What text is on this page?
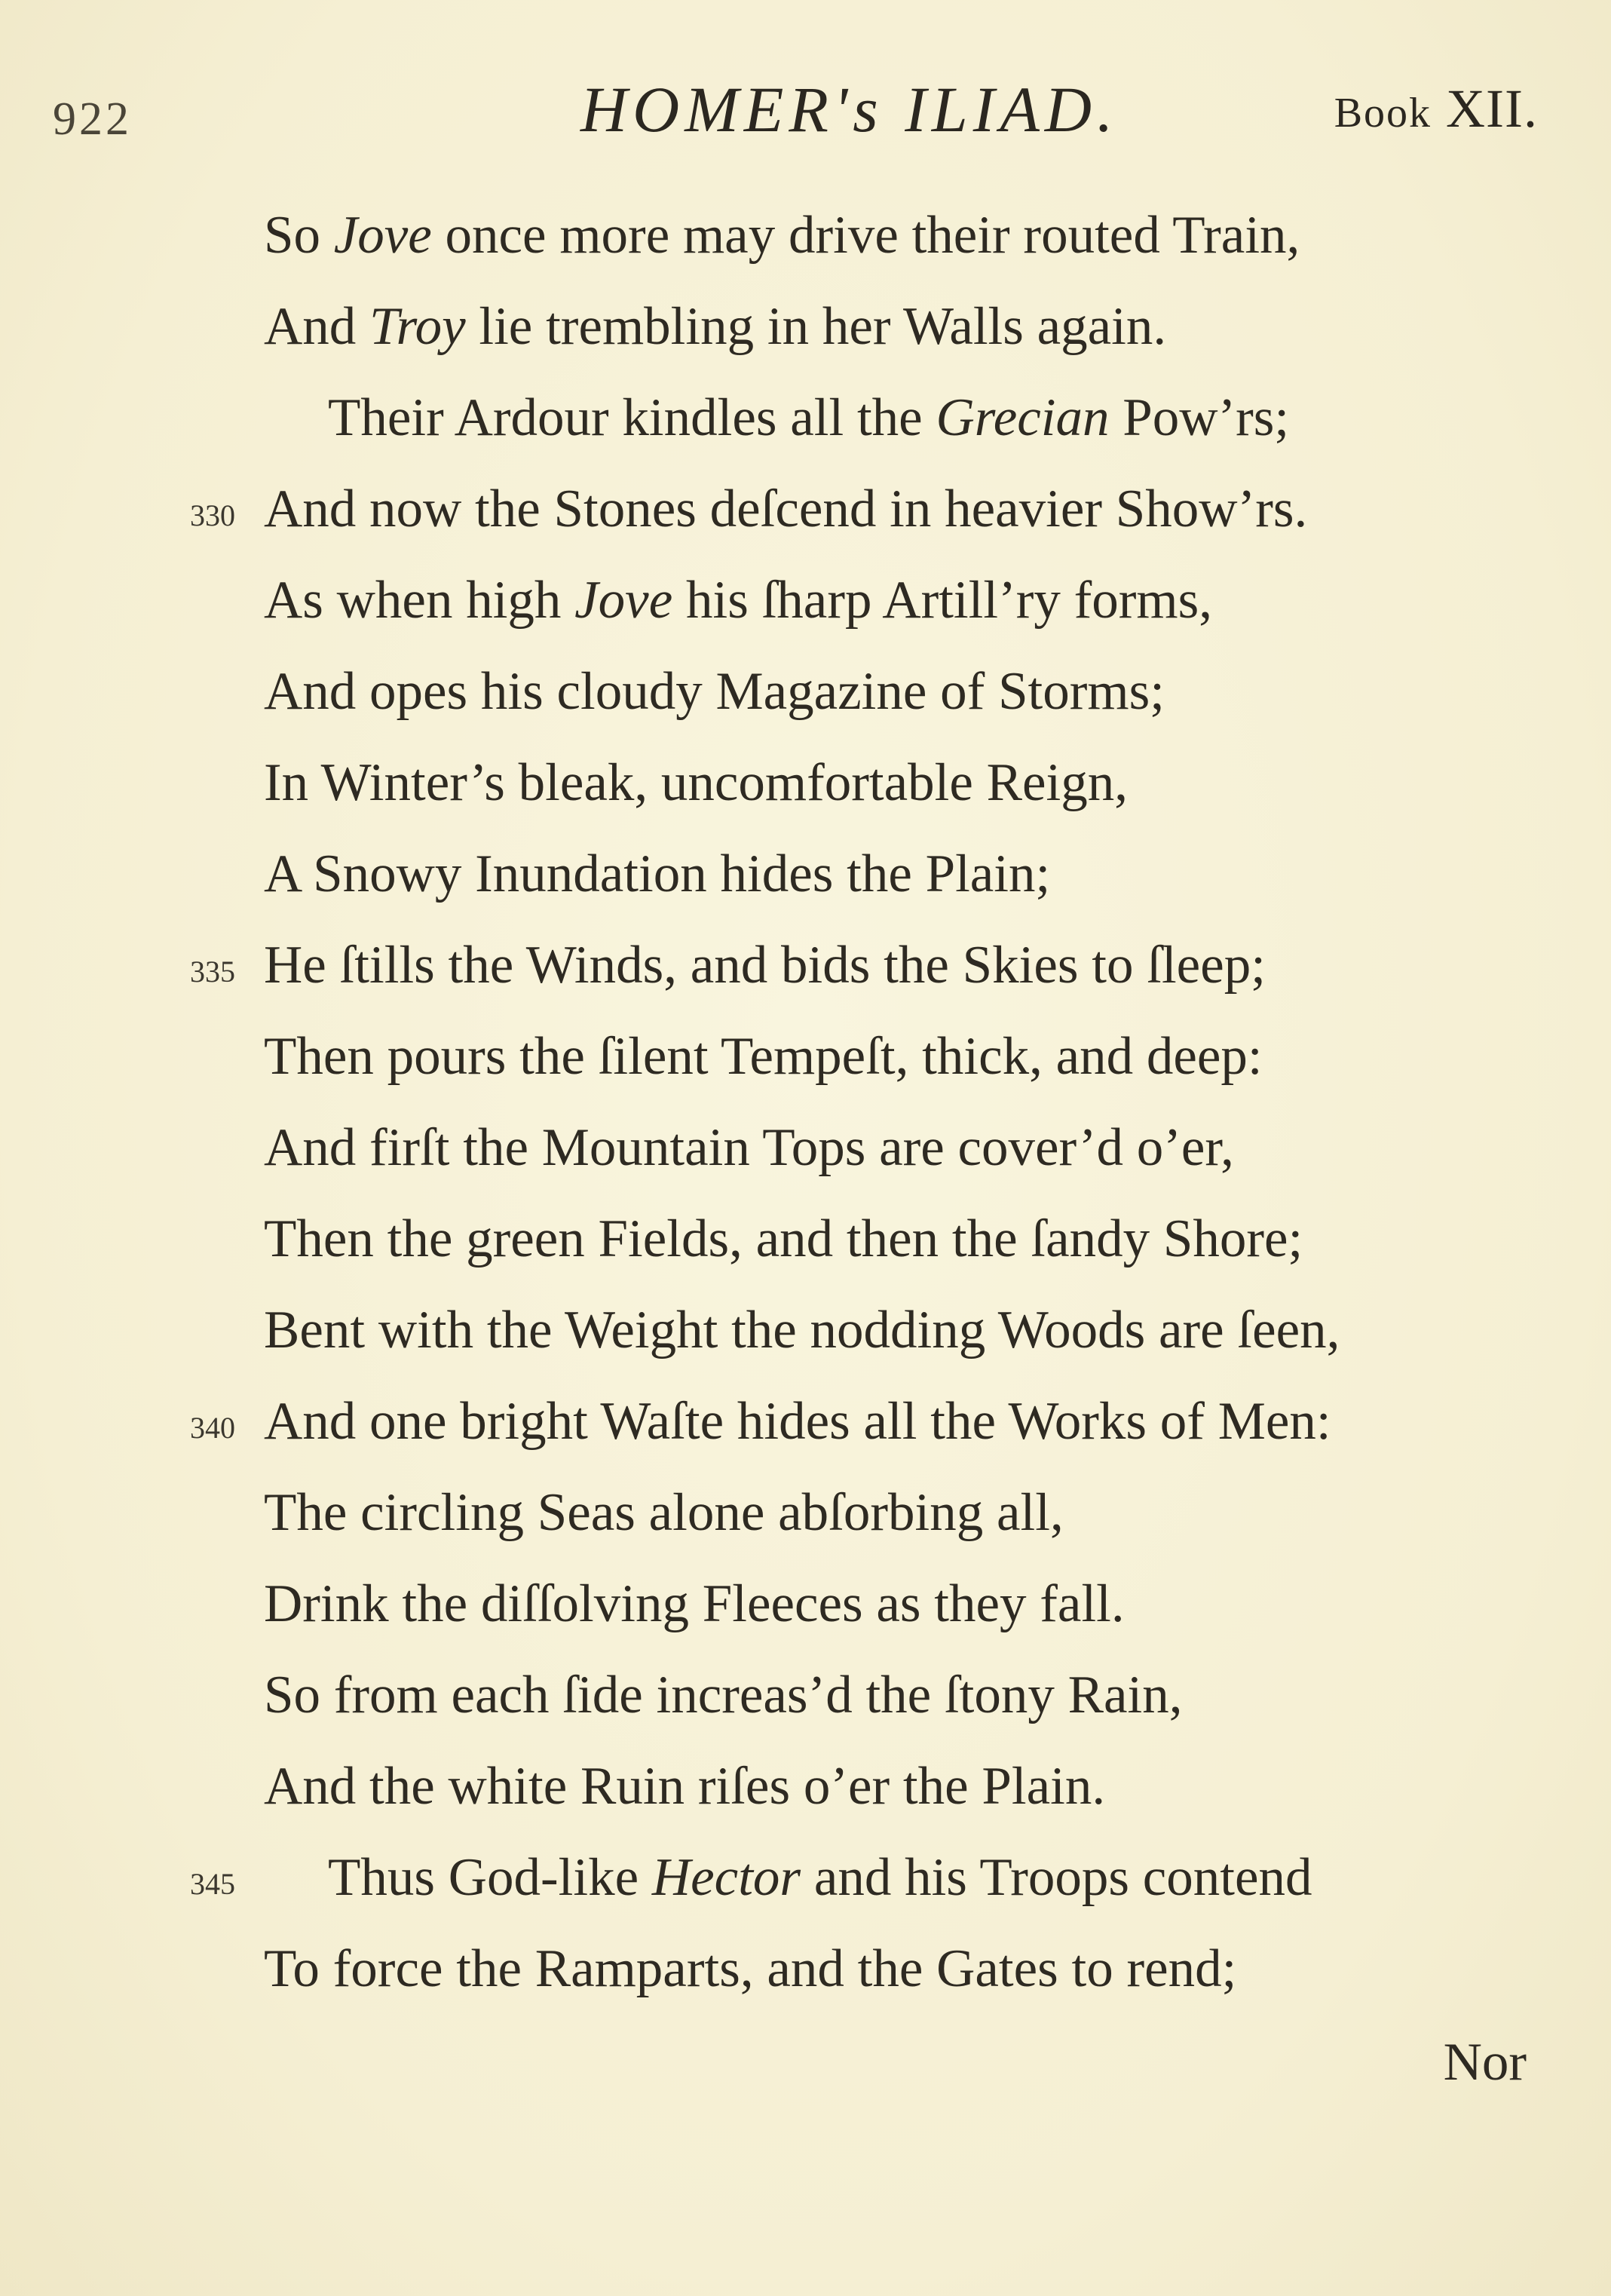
922	HOMER's ILIAD.	Book XII.
So Jove once more may drive their routed Train,
And Troy lie trembling in her Walls again.
Their Ardour kindles all the Grecian Pow’rs;
330 And now the Stones deſcend in heavier Show’rs.
As when high Jove his ſharp Artill’ry forms,
And opes his cloudy Magazine of Storms;
In Winter’s bleak, uncomfortable Reign,
A Snowy Inundation hides the Plain;
335 He ſtills the Winds, and bids the Skies to ſleep;
Then pours the ſilent Tempeſt, thick, and deep:
And firſt the Mountain Tops are cover’d o’er,
Then the green Fields, and then the ſandy Shore;
Bent with the Weight the nodding Woods are ſeen,
340 And one bright Waſte hides all the Works of Men:
The circling Seas alone abſorbing all,
Drink the diſſolving Fleeces as they fall.
So from each ſide increas’d the ſtony Rain,
And the white Ruin riſes o’er the Plain.
345 Thus God-like Hector and his Troops contend
To force the Ramparts, and the Gates to rend;
Nor
